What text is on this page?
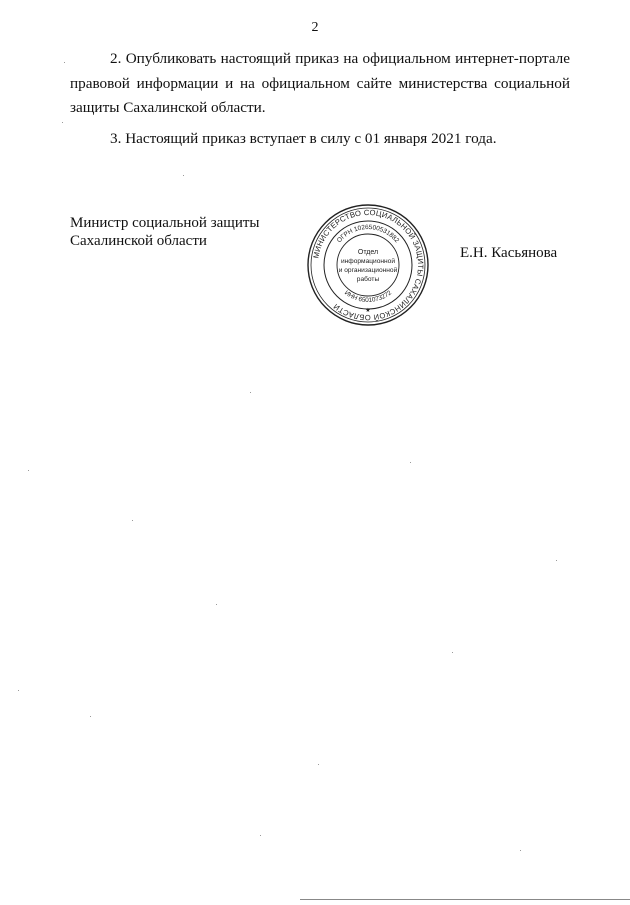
2

2. Опубликовать настоящий приказ на официальном интернет-портале правовой информации и на официальном сайте министерства социальной защиты Сахалинской области.

3. Настоящий приказ вступает в силу с 01 января 2021 года.

Министр социальной защиты
Сахалинской области
МИНИСТЕРСТВО СОЦИАЛЬНОЙ ЗАЩИТЫ САХАЛИНСКОЙ ОБЛАСТИ
ОГРН 1026500531882
ИНН 6501073272
Отдел
информационной
и организационной
работы
★
Е.Н. Касьянова
